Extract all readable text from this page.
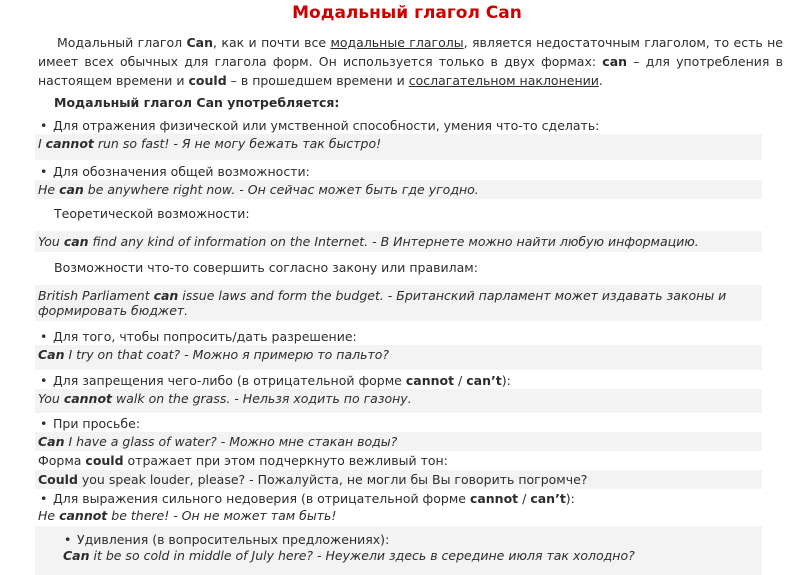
Модальный глагол Can

Модальный глагол Can, как и почти все модальные глаголы, является недостаточным глаголом, то есть не имеет всех обычных для глагола форм. Он используется только в двух формах: can – для употребления в настоящем времени и could – в прошедшем времени и сослагательном наклонении.

Модальный глагол Can употребляется:

• Для отражения физической или умственной способности, умения что-то сделать:
I cannot run so fast! - Я не могу бежать так быстро!
• Для обозначения общей возможности:
He can be anywhere right now. - Он сейчас может быть где угодно.

Теоретической возможности:

You can find any kind of information on the Internet. - В Интернете можно найти любую информацию.

Возможности что-то совершить согласно закону или правилам:

British Parliament can issue laws and form the budget. - Британский парламент может издавать законы и формировать бюджет.
• Для того, чтобы попросить/дать разрешение:
Can I try on that coat? - Можно я примерю то пальто?
• Для запрещения чего-либо (в отрицательной форме cannot / can’t):
You cannot walk on the grass. - Нельзя ходить по газону.
• При просьбе:
Can I have a glass of water? - Можно мне стакан воды?

Форма could отражает при этом подчеркнуто вежливый тон:

Could you speak louder, please? - Пожалуйста, не могли бы Вы говорить погромче?
• Для выражения сильного недоверия (в отрицательной форме cannot / can’t):
He cannot be there! - Он не может там быть!
• Удивления (в вопросительных предложениях):
Can it be so cold in middle of July here? - Неужели здесь в середине июля так холодно?
